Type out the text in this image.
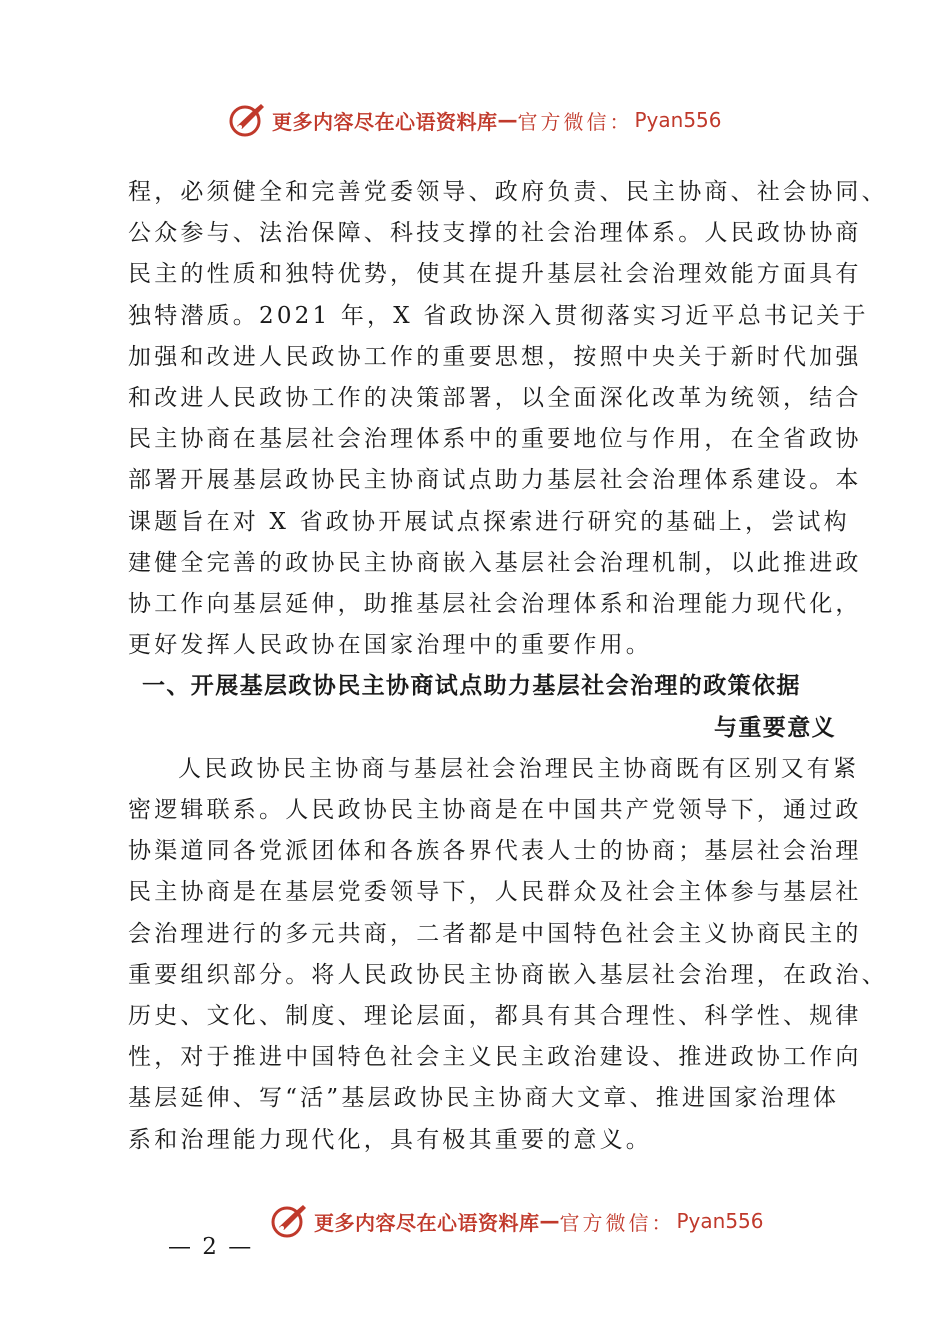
更多内容尽在心语资料库 — 官方微信： Pyan556
程，必须健全和完善党委领导、政府负责、民主协商、社会协同、
公众参与、法治保障、科技支撑的社会治理体系。人民政协协商
民主的性质和独特优势，使其在提升基层社会治理效能方面具有
独特潜质。2021 年，X 省政协深入贯彻落实习近平总书记关于
加强和改进人民政协工作的重要思想，按照中央关于新时代加强
和改进人民政协工作的决策部署，以全面深化改革为统领，结合
民主协商在基层社会治理体系中的重要地位与作用，在全省政协
部署开展基层政协民主协商试点助力基层社会治理体系建设。本
课题旨在对 X 省政协开展试点探索进行研究的基础上，尝试构
建健全完善的政协民主协商嵌入基层社会治理机制，以此推进政
协工作向基层延伸，助推基层社会治理体系和治理能力现代化，
更好发挥人民政协在国家治理中的重要作用。
一、开展基层政协民主协商试点助力基层社会治理的政策依据
与重要意义
人民政协民主协商与基层社会治理民主协商既有区别又有紧
密逻辑联系。人民政协民主协商是在中国共产党领导下，通过政
协渠道同各党派团体和各族各界代表人士的协商；基层社会治理
民主协商是在基层党委领导下，人民群众及社会主体参与基层社
会治理进行的多元共商，二者都是中国特色社会主义协商民主的
重要组织部分。将人民政协民主协商嵌入基层社会治理，在政治、
历史、文化、制度、理论层面，都具有其合理性、科学性、规律
性，对于推进中国特色社会主义民主政治建设、推进政协工作向
基层延伸、写“活”基层政协民主协商大文章、推进国家治理体
系和治理能力现代化，具有极其重要的意义。
更多内容尽在心语资料库 — 官方微信： Pyan556
— 2 —
